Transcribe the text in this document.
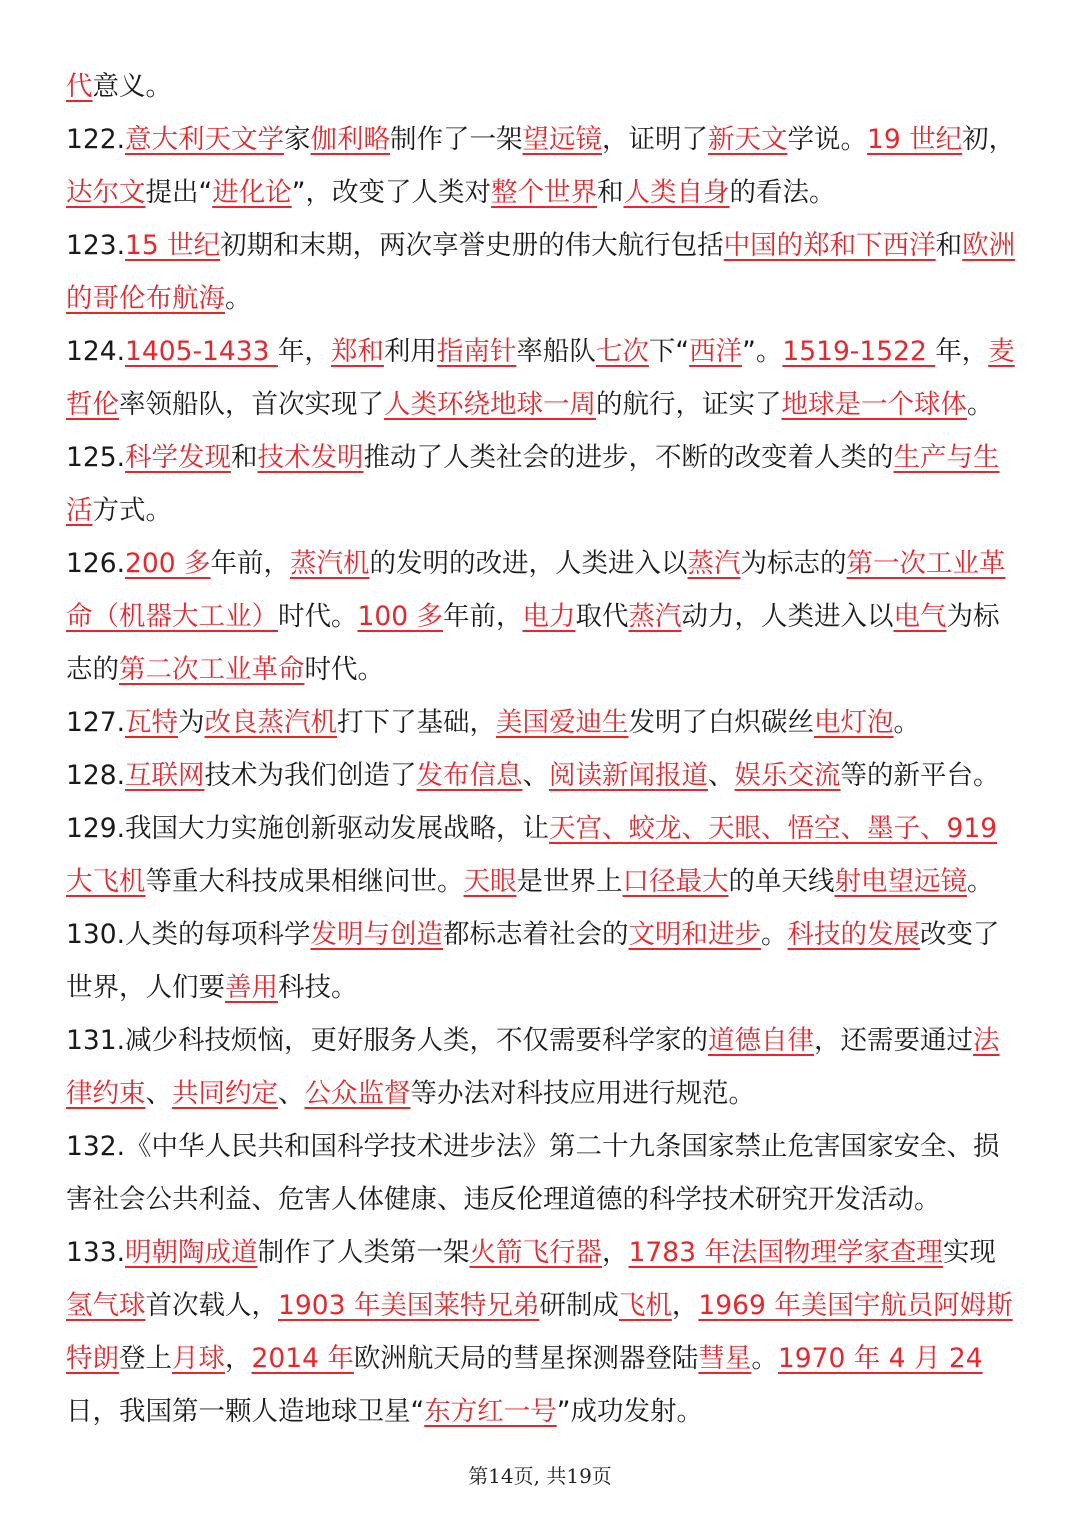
代意义。

122.意大利天文学家伽利略制作了一架望远镜，证明了新天文学说。19 世纪初，达尔文提出“进化论”，改变了人类对整个世界和人类自身的看法。

123.15 世纪初期和末期，两次享誉史册的伟大航行包括中国的郑和下西洋和欧洲的哥伦布航海。

124.1405-1433 年，郑和利用指南针率船队七次下“西洋”。1519-1522 年，麦哲伦率领船队，首次实现了人类环绕地球一周的航行，证实了地球是一个球体。

125.科学发现和技术发明推动了人类社会的进步，不断的改变着人类的生产与生活方式。

126.200 多年前，蒸汽机的发明的改进，人类进入以蒸汽为标志的第一次工业革命（机器大工业）时代。100 多年前，电力取代蒸汽动力，人类进入以电气为标志的第二次工业革命时代。

127.瓦特为改良蒸汽机打下了基础，美国爱迪生发明了白炽碳丝电灯泡。

128.互联网技术为我们创造了发布信息、阅读新闻报道、娱乐交流等的新平台。

129.我国大力实施创新驱动发展战略，让天宫、蛟龙、天眼、悟空、墨子、919 大飞机等重大科技成果相继问世。天眼是世界上口径最大的单天线射电望远镜。

130.人类的每项科学发明与创造都标志着社会的文明和进步。科技的发展改变了世界，人们要善用科技。

131.减少科技烦恼，更好服务人类，不仅需要科学家的道德自律，还需要通过法律约束、共同约定、公众监督等办法对科技应用进行规范。

132.《中华人民共和国科学技术进步法》第二十九条国家禁止危害国家安全、损害社会公共利益、危害人体健康、违反伦理道德的科学技术研究开发活动。

133.明朝陶成道制作了人类第一架火箭飞行器，1783 年法国物理学家查理实现氢气球首次载人，1903 年美国莱特兄弟研制成飞机，1969 年美国宇航员阿姆斯特朗登上月球，2014 年欧洲航天局的彗星探测器登陆彗星。1970 年 4 月 24 日，我国第一颗人造地球卫星“东方红一号”成功发射。

第14页, 共19页
